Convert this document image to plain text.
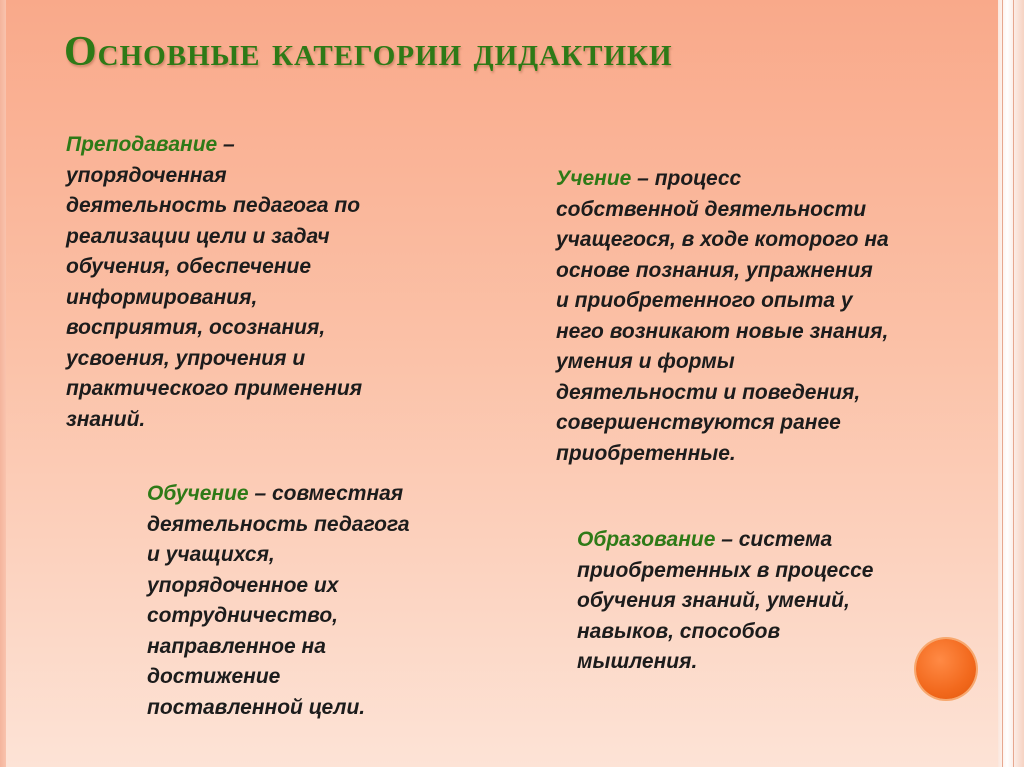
Основные категории дидактики

Преподавание –
упорядоченная
деятельность педагога по
реализации цели и задач
обучения, обеспечение
информирования,
восприятия, осознания,
усвоения, упрочения и
практического применения
знаний.

Учение – процесс
собственной деятельности
учащегося, в ходе которого на
основе познания, упражнения
и приобретенного опыта у
него возникают новые знания,
умения и формы
деятельности и поведения,
совершенствуются ранее
приобретенные.

Обучение – совместная
деятельность педагога
и учащихся,
упорядоченное их
сотрудничество,
направленное на
достижение
поставленной цели.

Образование – система
приобретенных в процессе
обучения знаний, умений,
навыков, способов
мышления.
